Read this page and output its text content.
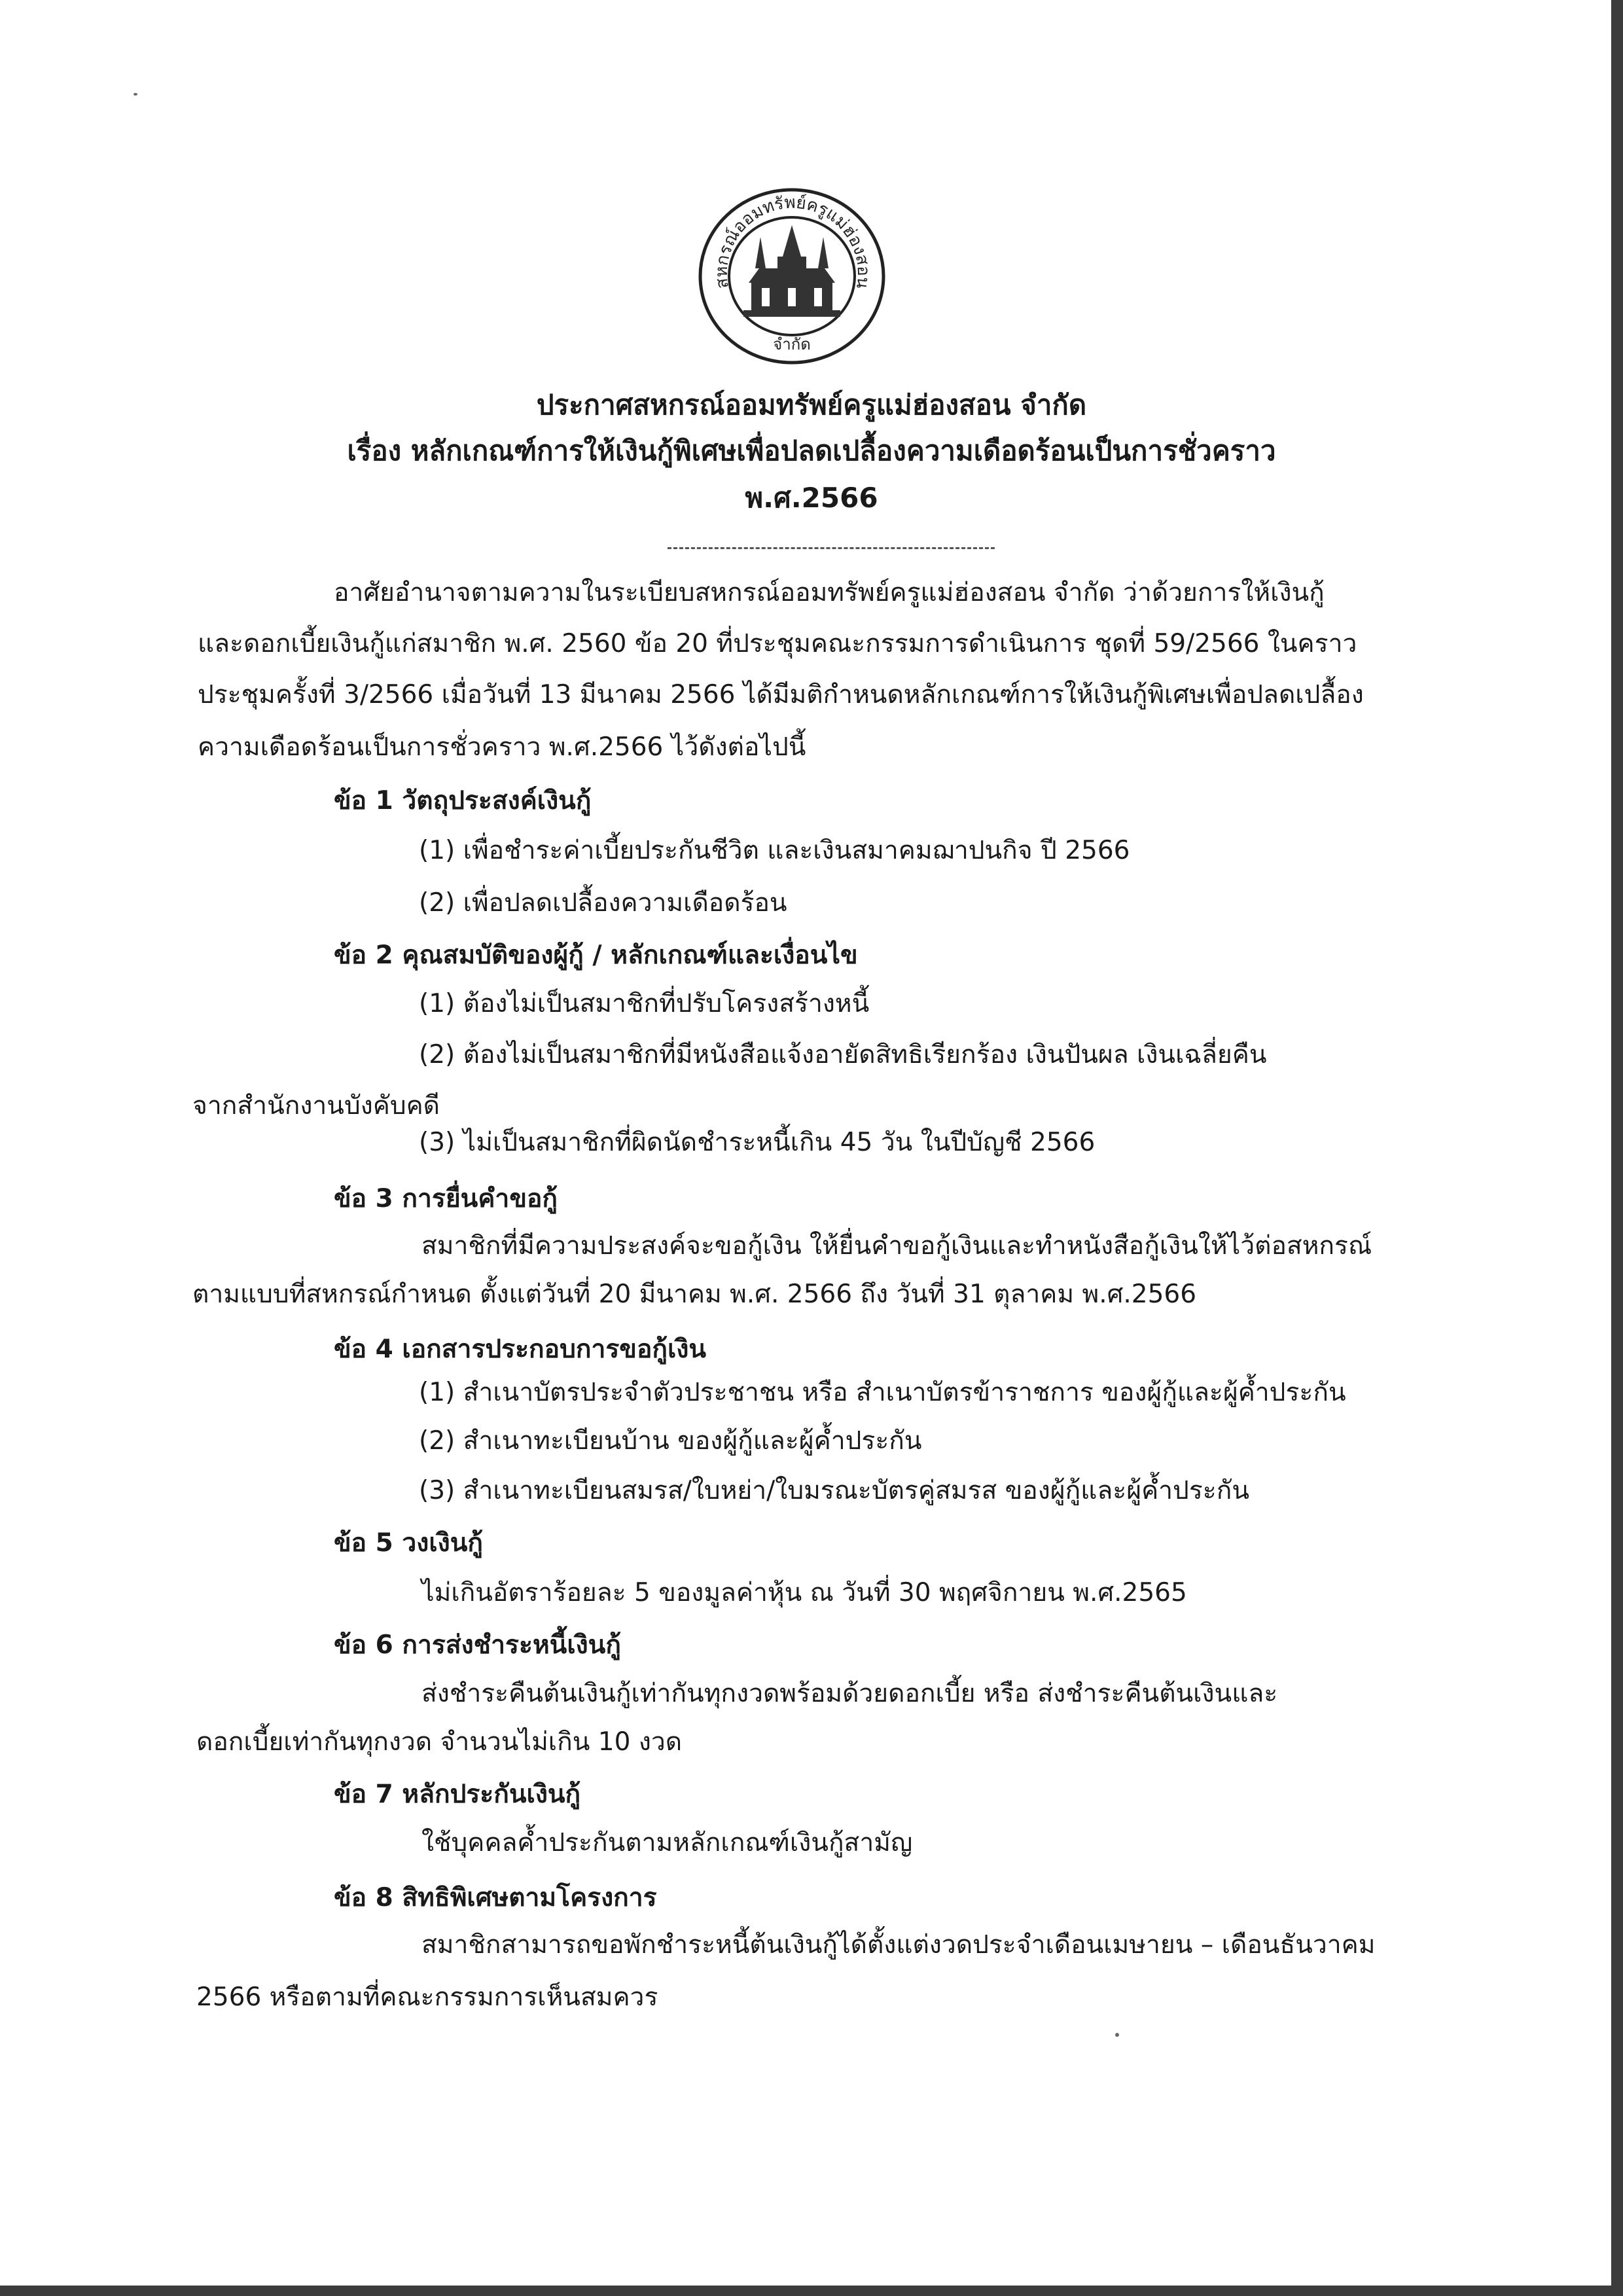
สหกรณ์ออมทรัพย์ครูแม่ฮ่องสอน
จำกัด
ประกาศสหกรณ์ออมทรัพย์ครูแม่ฮ่องสอน จำกัด
เรื่อง หลักเกณฑ์การให้เงินกู้พิเศษเพื่อปลดเปลื้องความเดือดร้อนเป็นการชั่วคราว
พ.ศ.2566
อาศัยอำนาจตามความในระเบียบสหกรณ์ออมทรัพย์ครูแม่ฮ่องสอน จำกัด ว่าด้วยการให้เงินกู้
และดอกเบี้ยเงินกู้แก่สมาชิก พ.ศ. 2560 ข้อ 20 ที่ประชุมคณะกรรมการดำเนินการ ชุดที่ 59/2566 ในคราว
ประชุมครั้งที่ 3/2566 เมื่อวันที่ 13 มีนาคม 2566 ได้มีมติกำหนดหลักเกณฑ์การให้เงินกู้พิเศษเพื่อปลดเปลื้อง
ความเดือดร้อนเป็นการชั่วคราว พ.ศ.2566 ไว้ดังต่อไปนี้
ข้อ 1 วัตถุประสงค์เงินกู้
(1) เพื่อชำระค่าเบี้ยประกันชีวิต และเงินสมาคมฌาปนกิจ ปี 2566
(2) เพื่อปลดเปลื้องความเดือดร้อน
ข้อ 2 คุณสมบัติของผู้กู้ / หลักเกณฑ์และเงื่อนไข
(1) ต้องไม่เป็นสมาชิกที่ปรับโครงสร้างหนี้
(2) ต้องไม่เป็นสมาชิกที่มีหนังสือแจ้งอายัดสิทธิเรียกร้อง เงินปันผล เงินเฉลี่ยคืน
จากสำนักงานบังคับคดี
(3) ไม่เป็นสมาชิกที่ผิดนัดชำระหนี้เกิน 45 วัน ในปีบัญชี 2566
ข้อ 3 การยื่นคำขอกู้
สมาชิกที่มีความประสงค์จะขอกู้เงิน ให้ยื่นคำขอกู้เงินและทำหนังสือกู้เงินให้ไว้ต่อสหกรณ์
ตามแบบที่สหกรณ์กำหนด ตั้งแต่วันที่ 20 มีนาคม พ.ศ. 2566 ถึง วันที่ 31 ตุลาคม พ.ศ.2566
ข้อ 4 เอกสารประกอบการขอกู้เงิน
(1) สำเนาบัตรประจำตัวประชาชน หรือ สำเนาบัตรข้าราชการ ของผู้กู้และผู้ค้ำประกัน
(2) สำเนาทะเบียนบ้าน ของผู้กู้และผู้ค้ำประกัน
(3) สำเนาทะเบียนสมรส/ใบหย่า/ใบมรณะบัตรคู่สมรส ของผู้กู้และผู้ค้ำประกัน
ข้อ 5 วงเงินกู้
ไม่เกินอัตราร้อยละ 5 ของมูลค่าหุ้น ณ วันที่ 30 พฤศจิกายน พ.ศ.2565
ข้อ 6 การส่งชำระหนี้เงินกู้
ส่งชำระคืนต้นเงินกู้เท่ากันทุกงวดพร้อมด้วยดอกเบี้ย หรือ ส่งชำระคืนต้นเงินและ
ดอกเบี้ยเท่ากันทุกงวด จำนวนไม่เกิน 10 งวด
ข้อ 7 หลักประกันเงินกู้
ใช้บุคคลค้ำประกันตามหลักเกณฑ์เงินกู้สามัญ
ข้อ 8 สิทธิพิเศษตามโครงการ
สมาชิกสามารถขอพักชำระหนี้ต้นเงินกู้ได้ตั้งแต่งวดประจำเดือนเมษายน – เดือนธันวาคม
2566 หรือตามที่คณะกรรมการเห็นสมควร
